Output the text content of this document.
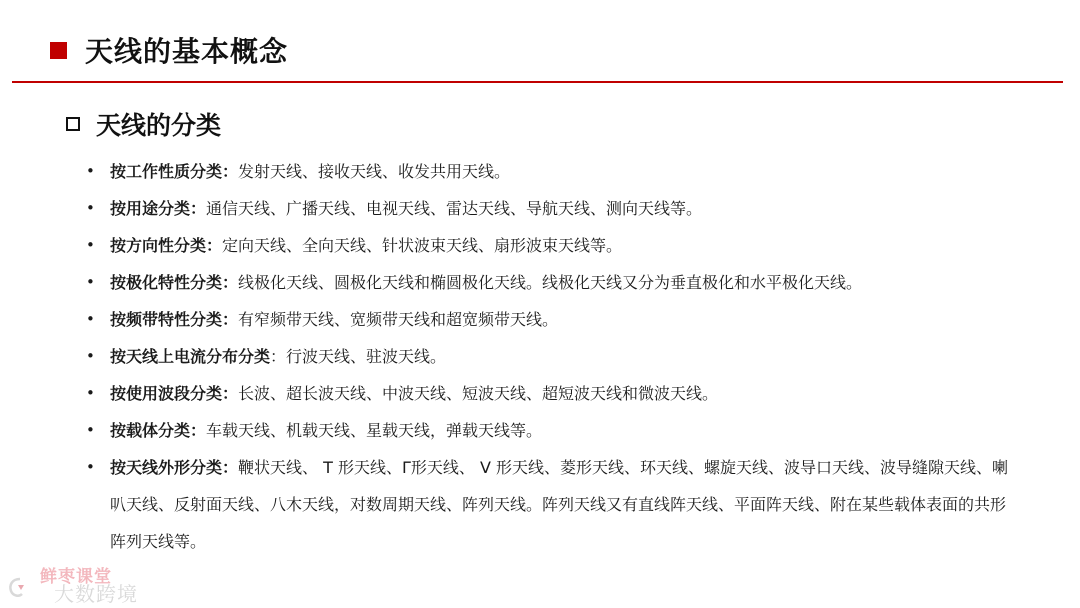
天线的基本概念
天线的分类
• 按工作性质分类：发射天线、接收天线、收发共用天线。
• 按用途分类：通信天线、广播天线、电视天线、雷达天线、导航天线、测向天线等。
• 按方向性分类：定向天线、全向天线、针状波束天线、扇形波束天线等。
• 按极化特性分类：线极化天线、圆极化天线和椭圆极化天线。线极化天线又分为垂直极化和水平极化天线。
• 按频带特性分类：有窄频带天线、宽频带天线和超宽频带天线。
• 按天线上电流分布分类：行波天线、驻波天线。
• 按使用波段分类：长波、超长波天线、中波天线、短波天线、超短波天线和微波天线。
• 按载体分类：车载天线、机载天线、星载天线，弹载天线等。
• 按天线外形分类：鞭状天线、 T 形天线、Γ形天线、 V 形天线、菱形天线、环天线、螺旋天线、波导口天线、波导缝隙天线、喇叭天线、反射面天线、八木天线，对数周期天线、阵列天线。阵列天线又有直线阵天线、平面阵天线、附在某些载体表面的共形阵列天线等。
鲜枣课堂
大数跨境
